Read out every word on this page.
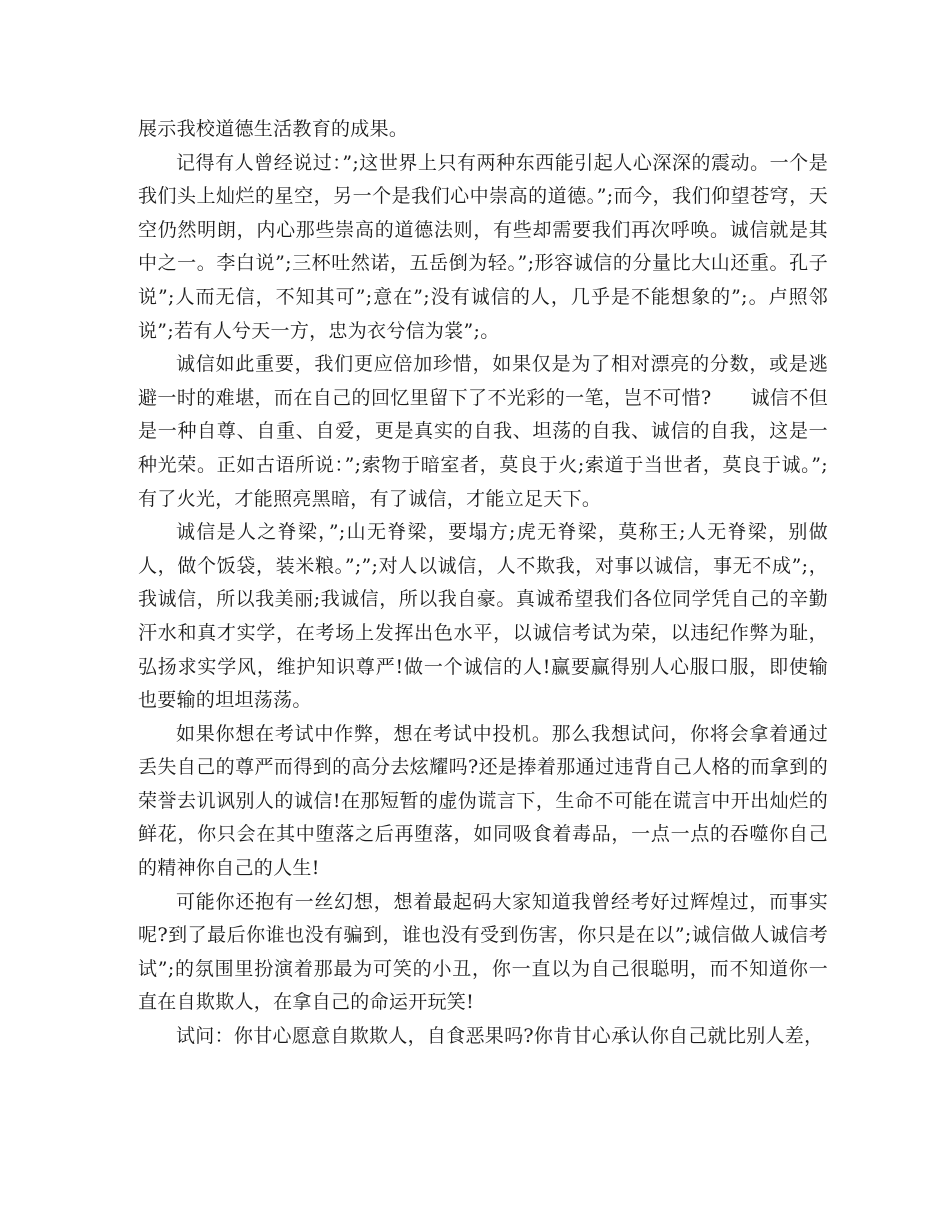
展示我校道德生活教育的成果。

记得有人曾经说过：”;这世界上只有两种东西能引起人心深深的震动。一个是我们头上灿烂的星空，另一个是我们心中崇高的道德。”;而今，我们仰望苍穹，天空仍然明朗，内心那些崇高的道德法则，有些却需要我们再次呼唤。诚信就是其中之一。李白说”;三杯吐然诺，五岳倒为轻。”;形容诚信的分量比大山还重。孔子说”;人而无信，不知其可”;意在”;没有诚信的人，几乎是不能想象的”;。卢照邻说”;若有人兮天一方，忠为衣兮信为裳”;。

诚信如此重要，我们更应倍加珍惜，如果仅是为了相对漂亮的分数，或是逃避一时的难堪，而在自己的回忆里留下了不光彩的一笔，岂不可惜?　　诚信不但是一种自尊、自重、自爱，更是真实的自我、坦荡的自我、诚信的自我，这是一种光荣。正如古语所说：”;索物于暗室者，莫良于火;索道于当世者，莫良于诚。”;有了火光，才能照亮黑暗，有了诚信，才能立足天下。

诚信是人之脊梁，”;山无脊梁，要塌方;虎无脊梁，莫称王;人无脊梁，别做人，做个饭袋，装米粮。”;”;对人以诚信，人不欺我，对事以诚信，事无不成”;，我诚信，所以我美丽;我诚信，所以我自豪。真诚希望我们各位同学凭自己的辛勤汗水和真才实学，在考场上发挥出色水平，以诚信考试为荣，以违纪作弊为耻，弘扬求实学风，维护知识尊严!做一个诚信的人!赢要赢得别人心服口服，即使输也要输的坦坦荡荡。

如果你想在考试中作弊，想在考试中投机。那么我想试问，你将会拿着通过丢失自己的尊严而得到的高分去炫耀吗?还是捧着那通过违背自己人格的而拿到的荣誉去讥讽别人的诚信!在那短暂的虚伪谎言下，生命不可能在谎言中开出灿烂的鲜花，你只会在其中堕落之后再堕落，如同吸食着毒品，一点一点的吞噬你自己的精神你自己的人生!

可能你还抱有一丝幻想，想着最起码大家知道我曾经考好过辉煌过，而事实呢?到了最后你谁也没有骗到，谁也没有受到伤害，你只是在以”;诚信做人诚信考试”;的氛围里扮演着那最为可笑的小丑，你一直以为自己很聪明，而不知道你一直在自欺欺人，在拿自己的命运开玩笑!

试问：你甘心愿意自欺欺人，自食恶果吗?你肯甘心承认你自己就比别人差，
